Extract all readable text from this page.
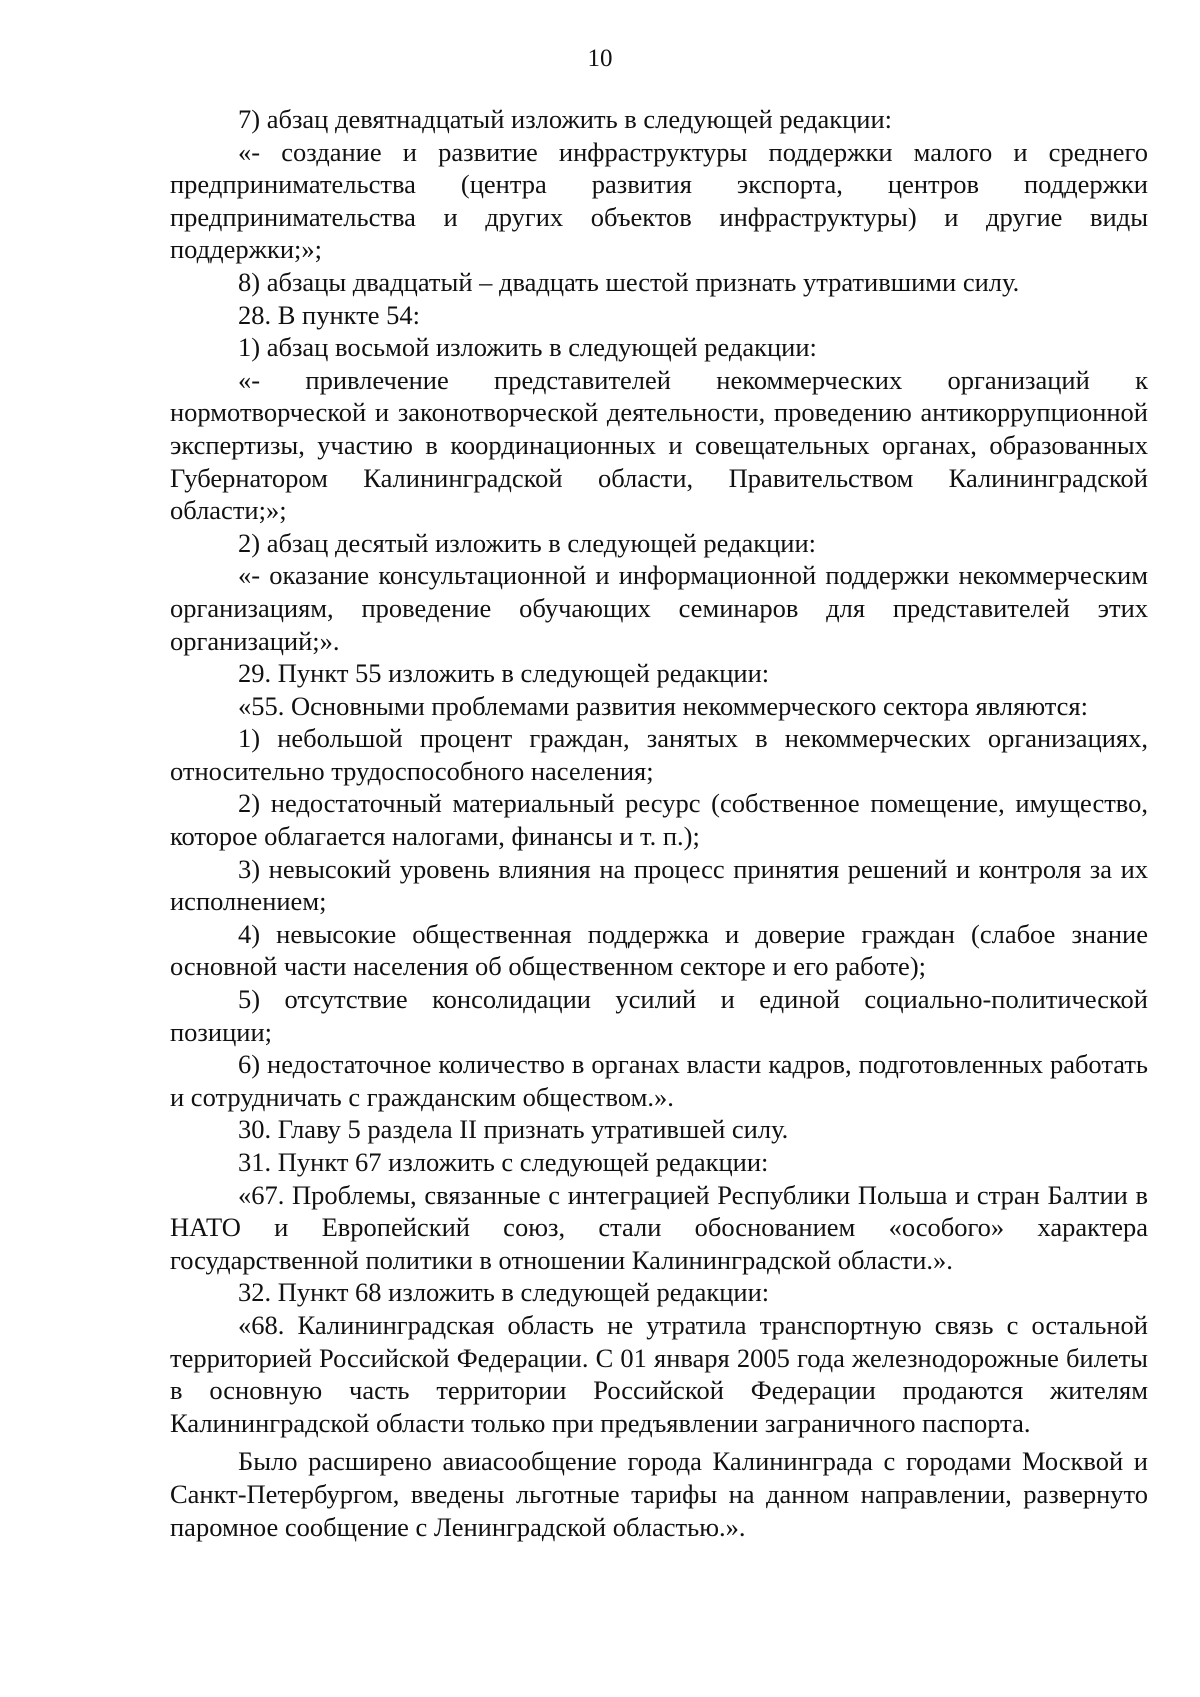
10

7) абзац девятнадцатый изложить в следующей редакции:

«- создание и развитие инфраструктуры поддержки малого и среднего предпринимательства (центра развития экспорта, центров поддержки предпринимательства и других объектов инфраструктуры) и другие виды поддержки;»;

8) абзацы двадцатый – двадцать шестой признать утратившими силу.

28. В пункте 54:

1) абзац восьмой изложить в следующей редакции:

«- привлечение представителей некоммерческих организаций к нормотворческой и законотворческой деятельности, проведению антикоррупционной экспертизы, участию в координационных и совещательных органах, образованных Губернатором Калининградской области, Правительством Калининградской области;»;

2) абзац десятый изложить в следующей редакции:

«- оказание консультационной и информационной поддержки некоммерческим организациям, проведение обучающих семинаров для представителей этих организаций;».

29. Пункт 55 изложить в следующей редакции:

«55. Основными проблемами развития некоммерческого сектора являются:

1) небольшой процент граждан, занятых в некоммерческих организациях, относительно трудоспособного населения;

2) недостаточный материальный ресурс (собственное помещение, имущество, которое облагается налогами, финансы и т. п.);

3) невысокий уровень влияния на процесс принятия решений и контроля за их исполнением;

4) невысокие общественная поддержка и доверие граждан (слабое знание основной части населения об общественном секторе и его работе);

5) отсутствие консолидации усилий и единой социально-политической позиции;

6) недостаточное количество в органах власти кадров, подготовленных работать и сотрудничать с гражданским обществом.».

30. Главу 5 раздела II признать утратившей силу.

31. Пункт 67 изложить с следующей редакции:

«67. Проблемы, связанные с интеграцией Республики Польша и стран Балтии в НАТО и Европейский союз, стали обоснованием «особого» характера государственной политики в отношении Калининградской области.».

32. Пункт 68 изложить в следующей редакции:

«68. Калининградская область не утратила транспортную связь с остальной территорией Российской Федерации. С 01 января 2005 года железнодорожные билеты в основную часть территории Российской Федерации продаются жителям Калининградской области только при предъявлении заграничного паспорта.

Было расширено авиасообщение города Калининграда с городами Москвой и Санкт-Петербургом, введены льготные тарифы на данном направлении, развернуто паромное сообщение с Ленинградской областью.».
